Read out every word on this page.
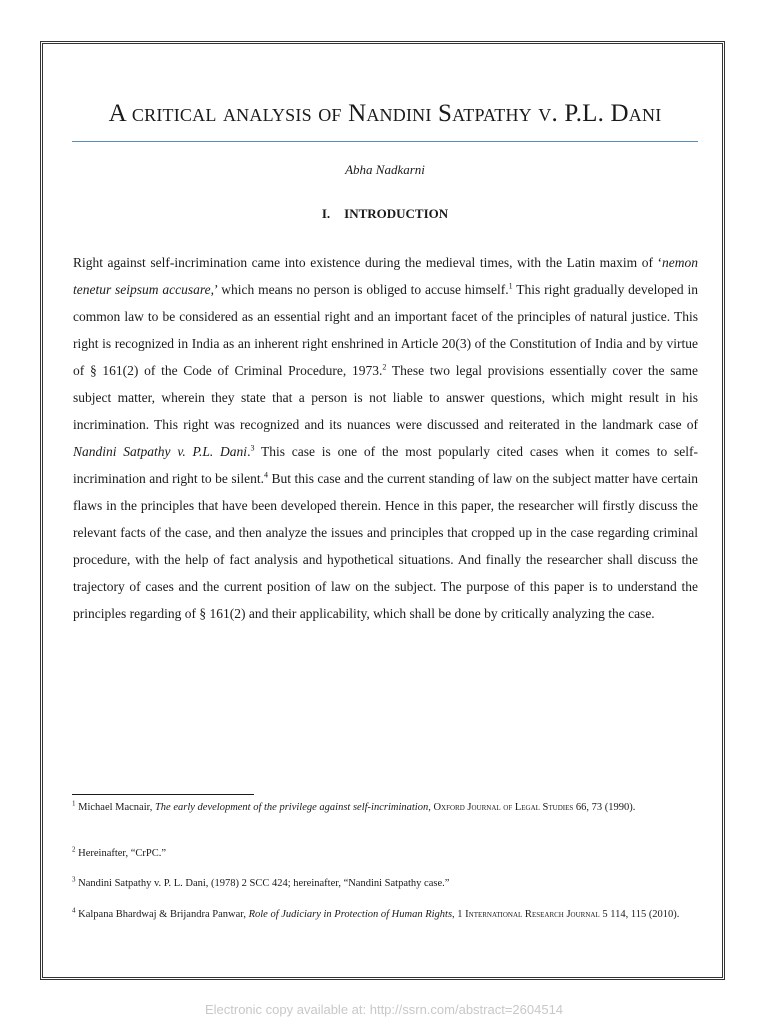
A critical analysis of Nandini Satpathy v. P.L. Dani
Abha Nadkarni
I. INTRODUCTION
Right against self-incrimination came into existence during the medieval times, with the Latin maxim of ‘nemon tenetur seipsum accusare,’ which means no person is obliged to accuse himself.$^1$ This right gradually developed in common law to be considered as an essential right and an important facet of the principles of natural justice. This right is recognized in India as an inherent right enshrined in Article 20(3) of the Constitution of India and by virtue of § 161(2) of the Code of Criminal Procedure, 1973.$^2$ These two legal provisions essentially cover the same subject matter, wherein they state that a person is not liable to answer questions, which might result in his incrimination. This right was recognized and its nuances were discussed and reiterated in the landmark case of Nandini Satpathy v. P.L. Dani.$^3$ This case is one of the most popularly cited cases when it comes to self-incrimination and right to be silent.$^4$ But this case and the current standing of law on the subject matter have certain flaws in the principles that have been developed therein. Hence in this paper, the researcher will firstly discuss the relevant facts of the case, and then analyze the issues and principles that cropped up in the case regarding criminal procedure, with the help of fact analysis and hypothetical situations. And finally the researcher shall discuss the trajectory of cases and the current position of law on the subject. The purpose of this paper is to understand the principles regarding of § 161(2) and their applicability, which shall be done by critically analyzing the case.
$^1$ Michael Macnair, The early development of the privilege against self-incrimination, Oxford Journal of Legal Studies 66, 73 (1990).
$^2$ Hereinafter, “CrPC.”
$^3$ Nandini Satpathy v. P. L. Dani, (1978) 2 SCC 424; hereinafter, “Nandini Satpathy case.”
$^4$ Kalpana Bhardwaj & Brijandra Panwar, Role of Judiciary in Protection of Human Rights, 1 International Research Journal 5 114, 115 (2010).
Electronic copy available at: http://ssrn.com/abstract=2604514
